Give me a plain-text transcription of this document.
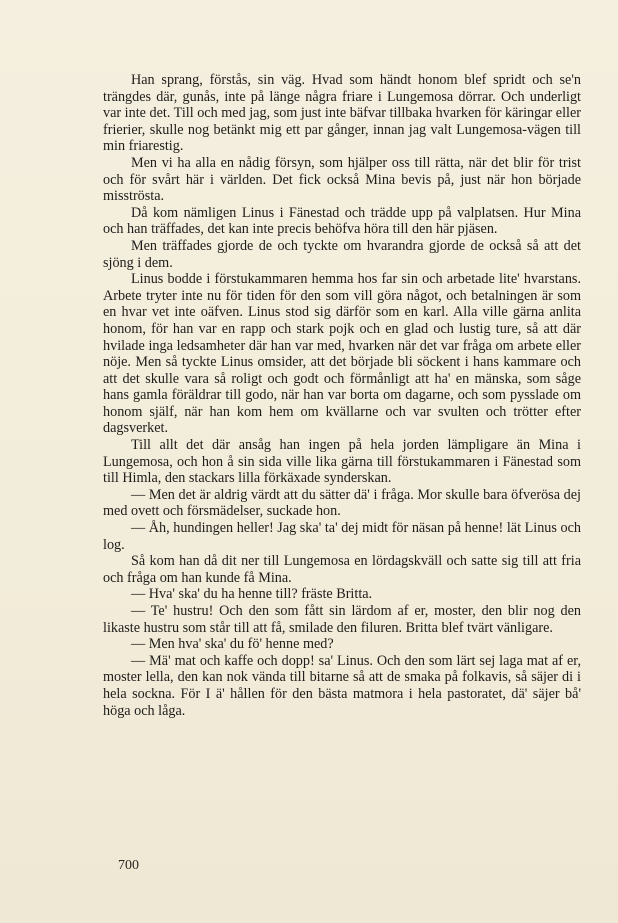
Han sprang, förstås, sin väg. Hvad som händt honom blef spridt och se'n trängdes där, gunås, inte på länge några friare i Lungemosa dörrar. Och underligt var inte det. Till och med jag, som just inte bäfvar tillbaka hvarken för käringar eller frierier, skulle nog betänkt mig ett par gånger, innan jag valt Lungemosa-vägen till min friarestig.

Men vi ha alla en nådig försyn, som hjälper oss till rätta, när det blir för trist och för svårt här i världen. Det fick också Mina bevis på, just när hon började misströsta.

Då kom nämligen Linus i Fänestad och trädde upp på valplatsen. Hur Mina och han träffades, det kan inte precis behöfva höra till den här pjäsen.

Men träffades gjorde de och tyckte om hvarandra gjorde de också så att det sjöng i dem.

Linus bodde i förstukammaren hemma hos far sin och arbetade lite' hvarstans. Arbete tryter inte nu för tiden för den som vill göra något, och betalningen är som en hvar vet inte oäfven. Linus stod sig därför som en karl. Alla ville gärna anlita honom, för han var en rapp och stark pojk och en glad och lustig ture, så att där hvilade inga ledsamheter där han var med, hvarken när det var fråga om arbete eller nöje. Men så tyckte Linus omsider, att det började bli söckent i hans kammare och att det skulle vara så roligt och godt och förmånligt att ha' en mänska, som såge hans gamla föräldrar till godo, när han var borta om dagarne, och som pysslade om honom själf, när han kom hem om kvällarne och var svulten och trötter efter dagsverket.

Till allt det där ansåg han ingen på hela jorden lämpligare än Mina i Lungemosa, och hon å sin sida ville lika gärna till förstukammaren i Fänestad som till Himla, den stackars lilla förkäxade synderskan.

— Men det är aldrig värdt att du sätter dä' i fråga. Mor skulle bara öfverösa dej med ovett och försmädelser, suckade hon.

— Åh, hundingen heller! Jag ska' ta' dej midt för näsan på henne! lät Linus och log.

Så kom han då dit ner till Lungemosa en lördagskväll och satte sig till att fria och fråga om han kunde få Mina.

— Hva' ska' du ha henne till? fräste Britta.

— Te' hustru! Och den som fått sin lärdom af er, moster, den blir nog den likaste hustru som står till att få, smilade den filuren. Britta blef tvärt vänligare.

— Men hva' ska' du fö' henne med?

— Mä' mat och kaffe och dopp! sa' Linus. Och den som lärt sej laga mat af er, moster lella, den kan nok vända till bitarne så att de smaka på folkavis, så säjer di i hela sockna. För I ä' hållen för den bästa matmora i hela pastoratet, dä' säjer bå' höga och låga.

700
